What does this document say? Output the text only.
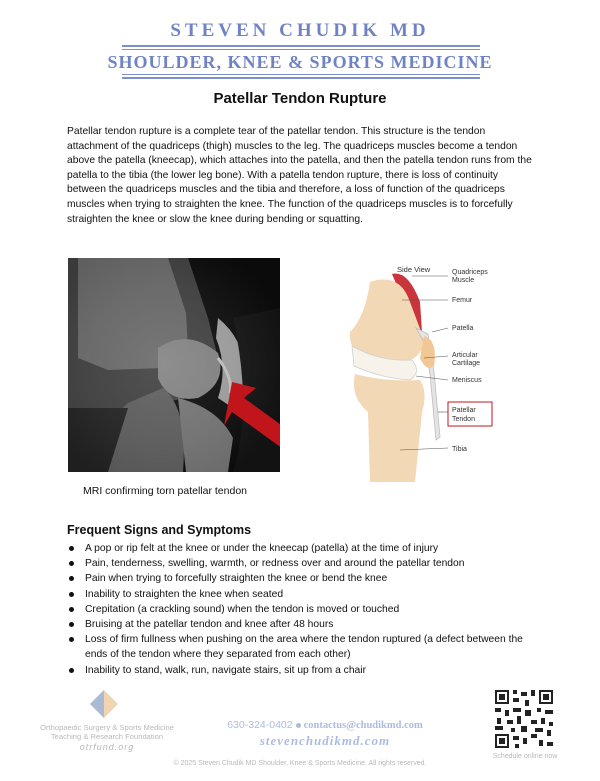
STEVEN CHUDIK MD
SHOULDER, KNEE & SPORTS MEDICINE
Patellar Tendon Rupture

Patellar tendon rupture is a complete tear of the patellar tendon. This structure is the tendon attachment of the quadriceps (thigh) muscles to the leg. The quadriceps muscles become a tendon above the patella (kneecap), which attaches into the patella, and then the patella tendon runs from the patella to the tibia (the lower leg bone). With a patella tendon rupture, there is loss of continuity between the quadriceps muscles and the tibia and therefore, a loss of function of the quadriceps muscles when trying to straighten the knee. The function of the quadriceps muscles is to forcefully straighten the knee or slow the knee during bending or squatting.

MRI confirming torn patellar tendon
Side View	Quadriceps
Muscle
Femur
Patella
Articular
Cartilage
Meniscus
Patellar
Tendon
Tibia
Frequent Signs and Symptoms
A pop or rip felt at the knee or under the kneecap (patella) at the time of injury
Pain, tenderness, swelling, warmth, or redness over and around the patellar tendon
Pain when trying to forcefully straighten the knee or bend the knee
Inability to straighten the knee when seated
Crepitation (a crackling sound) when the tendon is moved or touched
Bruising at the patellar tendon and knee after 48 hours
Loss of firm fullness when pushing on the area where the tendon ruptured (a defect between the ends of the tendon where they separated from each other)
Inability to stand, walk, run, navigate stairs, sit up from a chair
Orthopaedic Surgery & Sports Medicine
Teaching & Research Foundation
otrfund.org
630-324-0402 contactus@chudikmd.com
stevenchudikmd.com
© 2025 Steven Chudik MD Shoulder, Knee & Sports Medicine. All rights reserved.
Schedule online now
